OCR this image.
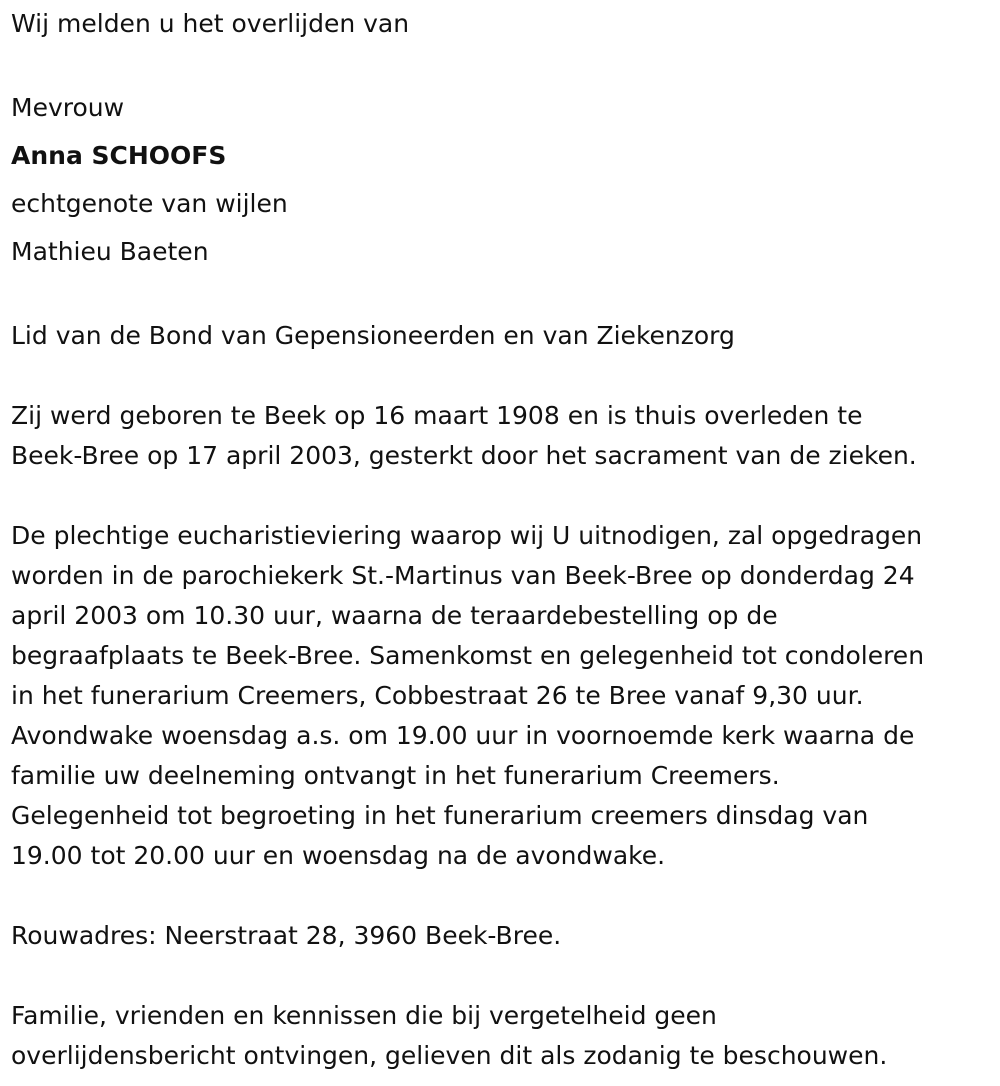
Wij melden u het overlijden van
Mevrouw
Anna SCHOOFS
echtgenote van wijlen
Mathieu Baeten
Lid van de Bond van Gepensioneerden en van Ziekenzorg
Zij werd geboren te Beek op 16 maart 1908 en is thuis overleden te
Beek-Bree op 17 april 2003, gesterkt door het sacrament van de zieken.
De plechtige eucharistieviering waarop wij U uitnodigen, zal opgedragen
worden in de parochiekerk St.-Martinus van Beek-Bree op donderdag 24
april 2003 om 10.30 uur, waarna de teraardebestelling op de
begraafplaats te Beek-Bree. Samenkomst en gelegenheid tot condoleren
in het funerarium Creemers, Cobbestraat 26 te Bree vanaf 9,30 uur.
Avondwake woensdag a.s. om 19.00 uur in voornoemde kerk waarna de
familie uw deelneming ontvangt in het funerarium Creemers.
Gelegenheid tot begroeting in het funerarium creemers dinsdag van
19.00 tot 20.00 uur en woensdag na de avondwake.
Rouwadres: Neerstraat 28, 3960 Beek-Bree.
Familie, vrienden en kennissen die bij vergetelheid geen
overlijdensbericht ontvingen, gelieven dit als zodanig te beschouwen.
